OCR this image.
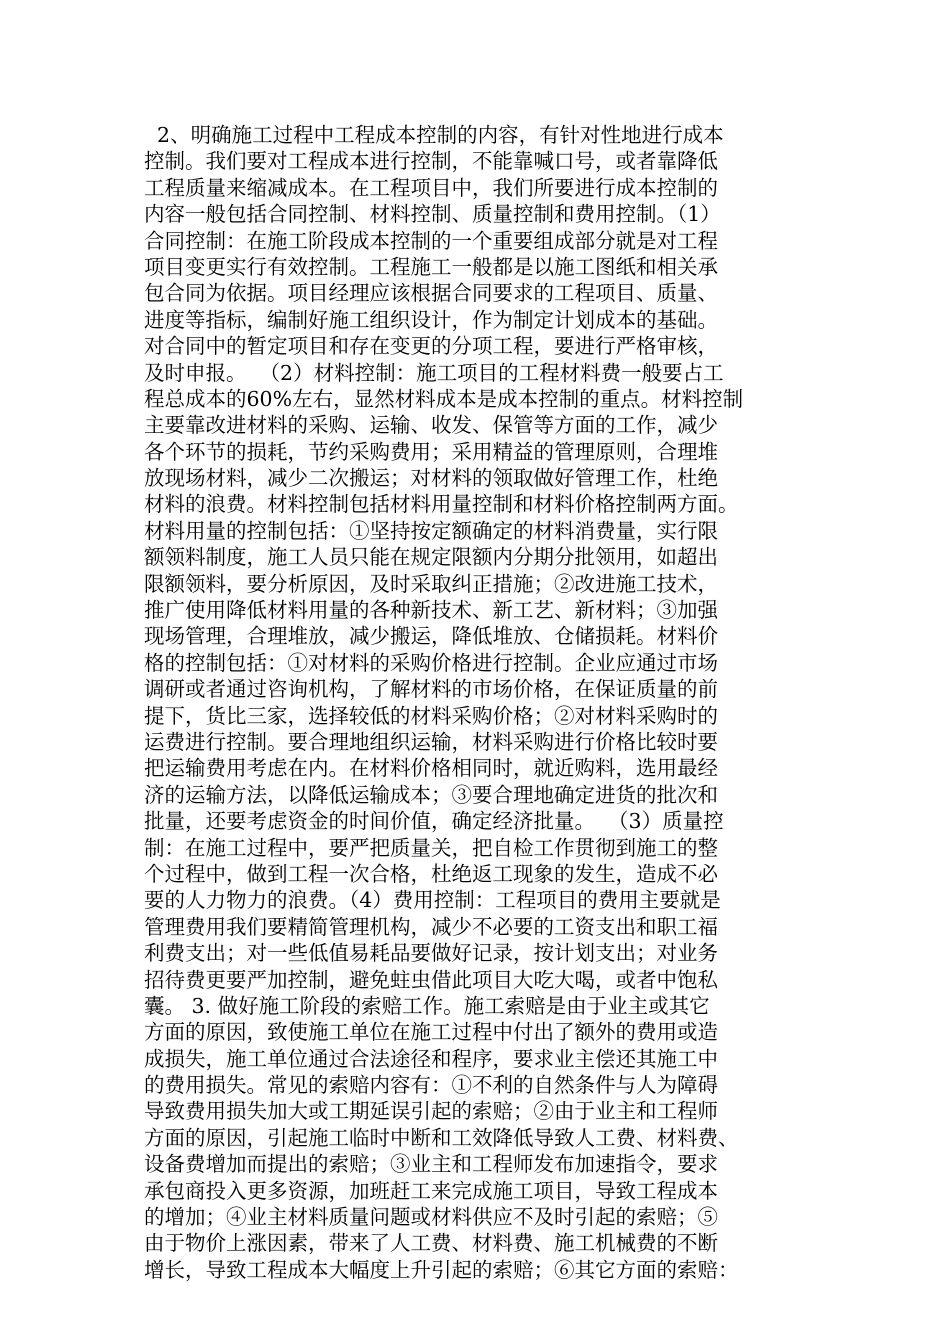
2、明确施工过程中工程成本控制的内容，有针对性地进行成本
控制。我们要对工程成本进行控制，不能靠喊口号，或者靠降低
工程质量来缩减成本。在工程项目中，我们所要进行成本控制的
内容一般包括合同控制、材料控制、质量控制和费用控制。（1）
合同控制：在施工阶段成本控制的一个重要组成部分就是对工程
项目变更实行有效控制。工程施工一般都是以施工图纸和相关承
包合同为依据。项目经理应该根据合同要求的工程项目、质量、
进度等指标，编制好施工组织设计，作为制定计划成本的基础。
对合同中的暂定项目和存在变更的分项工程，要进行严格审核，
及时申报。  （2）材料控制：施工项目的工程材料费一般要占工
程总成本的60%左右，显然材料成本是成本控制的重点。材料控制
主要靠改进材料的采购、运输、收发、保管等方面的工作，减少
各个环节的损耗，节约采购费用；采用精益的管理原则，合理堆
放现场材料，减少二次搬运；对材料的领取做好管理工作，杜绝
材料的浪费。材料控制包括材料用量控制和材料价格控制两方面。
材料用量的控制包括：①坚持按定额确定的材料消费量，实行限
额领料制度，施工人员只能在规定限额内分期分批领用，如超出
限额领料，要分析原因，及时采取纠正措施；②改进施工技术，
推广使用降低材料用量的各种新技术、新工艺、新材料；③加强
现场管理，合理堆放，减少搬运，降低堆放、仓储损耗。材料价
格的控制包括：①对材料的采购价格进行控制。企业应通过市场
调研或者通过咨询机构，了解材料的市场价格，在保证质量的前
提下，货比三家，选择较低的材料采购价格；②对材料采购时的
运费进行控制。要合理地组织运输，材料采购进行价格比较时要
把运输费用考虑在内。在材料价格相同时，就近购料，选用最经
济的运输方法，以降低运输成本；③要合理地确定进货的批次和
批量，还要考虑资金的时间价值，确定经济批量。  （3）质量控
制：在施工过程中，要严把质量关，把自检工作贯彻到施工的整
个过程中，做到工程一次合格，杜绝返工现象的发生，造成不必
要的人力物力的浪费。（4）费用控制：工程项目的费用主要就是
管理费用我们要精简管理机构，减少不必要的工资支出和职工福
利费支出；对一些低值易耗品要做好记录，按计划支出；对业务
招待费更要严加控制，避免蛀虫借此项目大吃大喝，或者中饱私
囊。 3. 做好施工阶段的索赔工作。施工索赔是由于业主或其它
方面的原因，致使施工单位在施工过程中付出了额外的费用或造
成损失，施工单位通过合法途径和程序，要求业主偿还其施工中
的费用损失。常见的索赔内容有：①不利的自然条件与人为障碍
导致费用损失加大或工期延误引起的索赔；②由于业主和工程师
方面的原因，引起施工临时中断和工效降低导致人工费、材料费、
设备费增加而提出的索赔；③业主和工程师发布加速指令，要求
承包商投入更多资源，加班赶工来完成施工项目，导致工程成本
的增加；④业主材料质量问题或材料供应不及时引起的索赔；⑤
由于物价上涨因素，带来了人工费、材料费、施工机械费的不断
增长，导致工程成本大幅度上升引起的索赔；⑥其它方面的索赔：
